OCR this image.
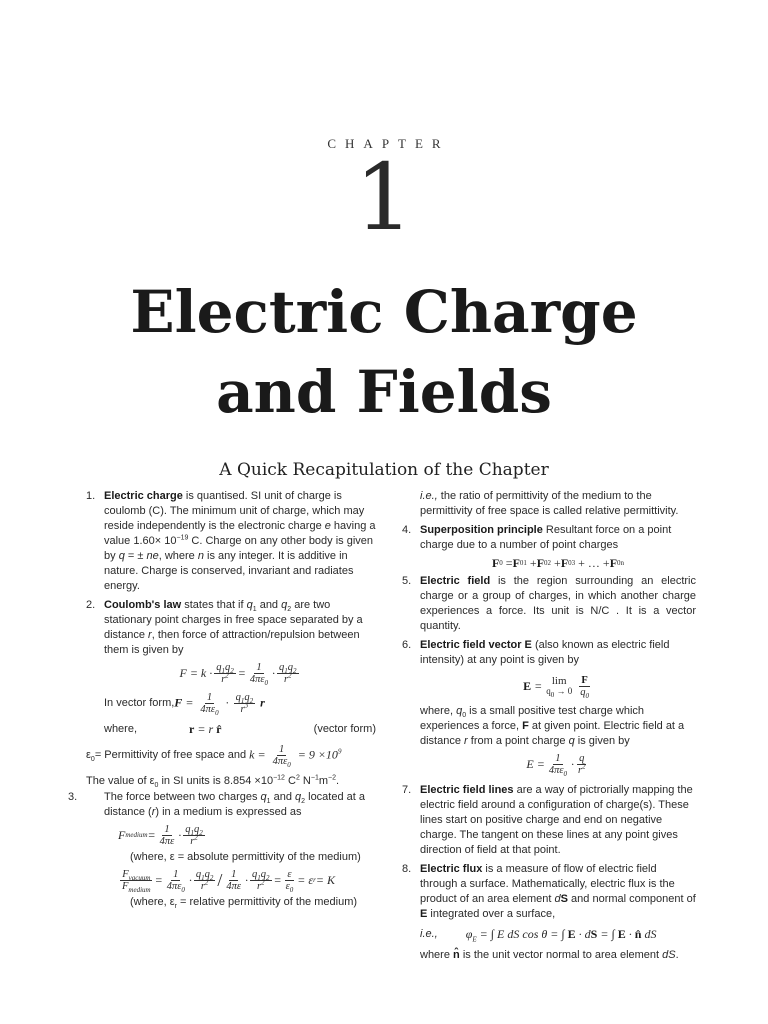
CHAPTER
1
Electric Charge
and Fields
A Quick Recapitulation of the Chapter
1. Electric charge is quantised. SI unit of charge is coulomb (C). The minimum unit of charge, which may reside independently is the electronic charge e having a value $1.60\times 10^{-19}$ C. Charge on any other body is given by q = ± ne, where n is any integer. It is additive in nature. Charge is conserved, invariant and radiates energy.
2. Coulomb's law states that if $q_1$ and $q_2$ are two stationary point charges in free space separated by a distance r, then force of attraction/repulsion between them is given by
$F = k \cdot \frac{q_1q_2}{r^2} = \frac{1}{4\pi\varepsilon_0} \cdot \frac{q_1q_2}{r^2}$
In vector form, $F = \frac{1}{4\pi\varepsilon_0} \cdot \frac{q_1q_2}{r^3}$ r
where,	r = r r̂	(vector form)
$\varepsilon_0$ = Permittivity of free space and $k = \frac{1}{4\pi\varepsilon_0} = 9 \times 10^9$
The value of $\varepsilon_0$ in SI units is $8.854 \times 10^{-12}$ $C^2$ $N^{-1}m^{-2}$.
3.	The force between two charges $q_1$ and $q_2$ located at a distance (r) in a medium is expressed as
F medium = $\frac{1}{4\pi\varepsilon} \cdot \frac{q_1q_2}{r^2}$
(where, ε = absolute permittivity of the medium)
$\frac{F_{vacuum}}{F_{medium}} = \frac{1}{4\pi\varepsilon_0} \cdot \frac{q_1q_2}{r^2} / \frac{1}{4\pi\varepsilon} \cdot \frac{q_1q_2}{r^2} = \frac{\varepsilon}{\varepsilon_0} = \varepsilon$ r = K
(where, $\varepsilon_r$ = relative permittivity of the medium)
i.e., the ratio of permittivity of the medium to the permittivity of free space is called relative permittivity.
4. Superposition principle Resultant force on a point charge due to a number of point charges
F 0 = F 01 + F 02 + F 03 + … + F 0n
5. Electric field is the region surrounding an electric charge or a group of charges, in which another charge experiences a force. Its unit is N/C . It is a vector quantity.
6. Electric field vector E (also known as electric field intensity) at any point is given by
E = lim
$q_0 \to 0 \frac{F}{q_0}$
where, $q_0$ is a small positive test charge which experiences a force, F at given point. Electric field at a distance r from a point charge q is given by
$E = \frac{1}{4\pi\varepsilon_0} \cdot \frac{q}{r^2}$
7. Electric field lines are a way of pictrorially mapping the electric field around a configuration of charge(s). These lines start on positive charge and end on negative charge. The tangent on these lines at any point gives direction of field at that point.
8. Electric flux is a measure of flow of electric field through a surface. Mathematically, electric flux is the product of an area element dS and normal component of E integrated over a surface,
i.e., $\varphi_E$ = ∫ E dS cos θ = ∫ E · dS = ∫ E · n̂ dS
where n̂ is the unit vector normal to area element dS.
